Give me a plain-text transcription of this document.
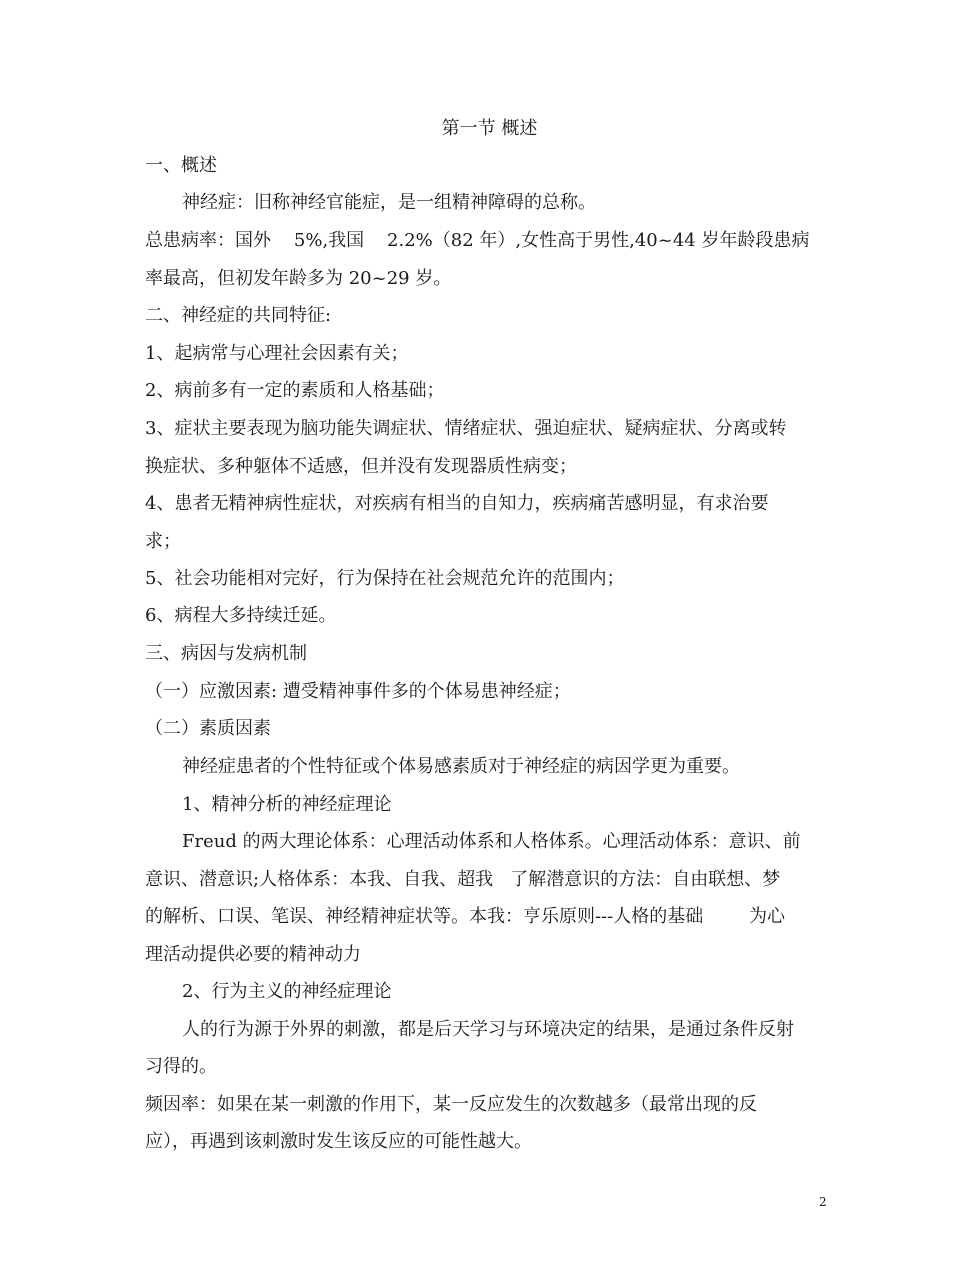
第一节 概述
一、概述
神经症：旧称神经官能症，是一组精神障碍的总称。
总患病率：国外    5%,我国    2.2%（82 年）,女性高于男性,40~44 岁年龄段患病
率最高，但初发年龄多为 20~29 岁。
二、神经症的共同特征:
1、起病常与心理社会因素有关；
2、病前多有一定的素质和人格基础；
3、症状主要表现为脑功能失调症状、情绪症状、强迫症状、疑病症状、分离或转
换症状、多种躯体不适感，但并没有发现器质性病变；
4、患者无精神病性症状，对疾病有相当的自知力，疾病痛苦感明显，有求治要
求；
5、社会功能相对完好，行为保持在社会规范允许的范围内；
6、病程大多持续迁延。
三、病因与发病机制
（一）应激因素: 遭受精神事件多的个体易患神经症；
（二）素质因素
神经症患者的个性特征或个体易感素质对于神经症的病因学更为重要。
1、精神分析的神经症理论
Freud 的两大理论体系：心理活动体系和人格体系。心理活动体系：意识、前
意识、潜意识;人格体系：本我、自我、超我   了解潜意识的方法：自由联想、梦
的解析、口误、笔误、神经精神症状等。本我：亨乐原则---人格的基础        为心
理活动提供必要的精神动力
2、行为主义的神经症理论
人的行为源于外界的刺激，都是后天学习与环境决定的结果，是通过条件反射
习得的。
频因率：如果在某一刺激的作用下，某一反应发生的次数越多（最常出现的反
应），再遇到该刺激时发生该反应的可能性越大。
2
